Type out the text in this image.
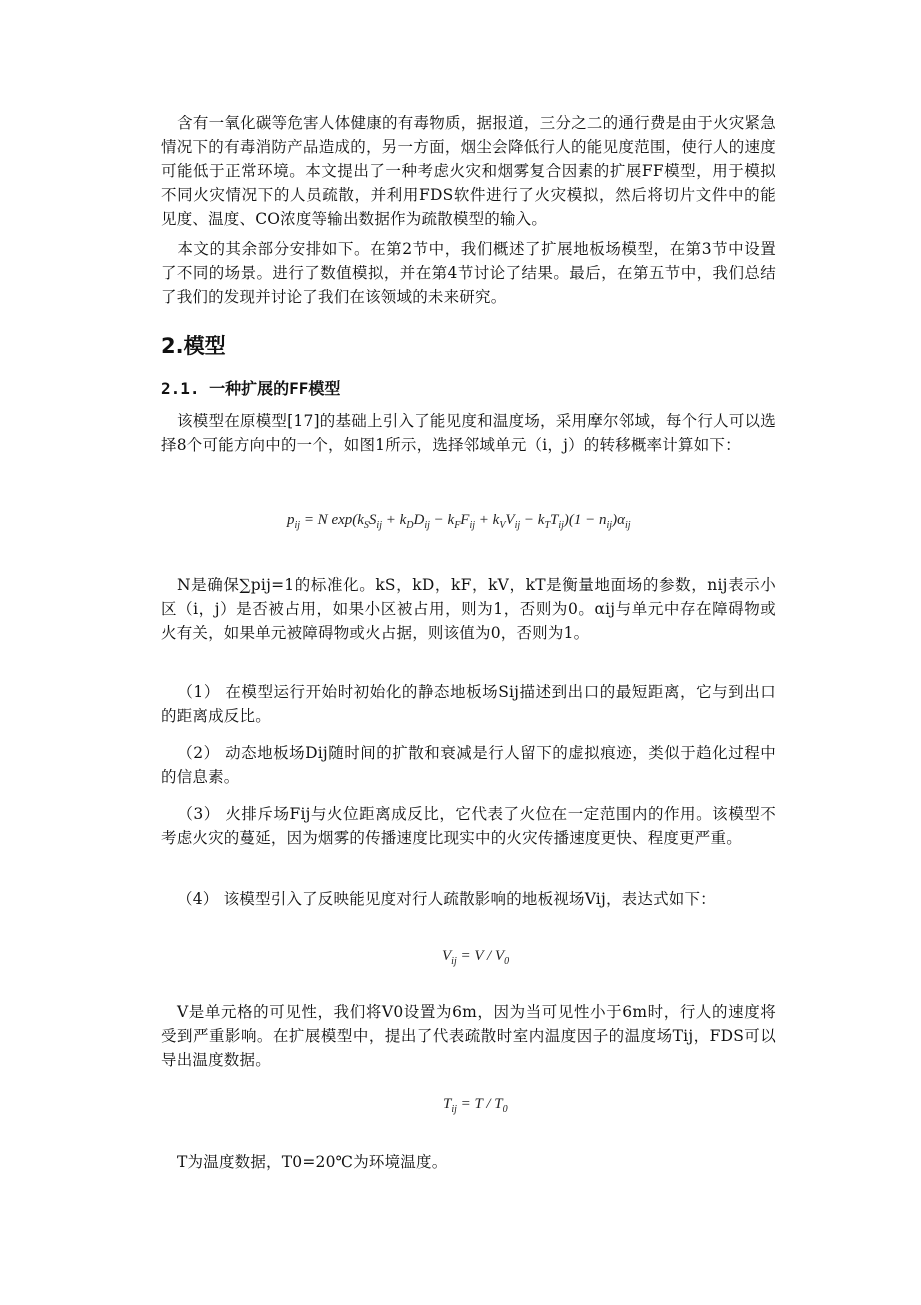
含有一氧化碳等危害人体健康的有毒物质，据报道，三分之二的通行费是由于火灾紧急情况下的有毒消防产品造成的，另一方面，烟尘会降低行人的能见度范围，使行人的速度可能低于正常环境。本文提出了一种考虑火灾和烟雾复合因素的扩展FF模型，用于模拟不同火灾情况下的人员疏散，并利用FDS软件进行了火灾模拟，然后将切片文件中的能见度、温度、CO浓度等输出数据作为疏散模型的输入。

本文的其余部分安排如下。在第2节中，我们概述了扩展地板场模型，在第3节中设置了不同的场景。进行了数值模拟，并在第4节讨论了结果。最后，在第五节中，我们总结了我们的发现并讨论了我们在该领域的未来研究。

2.模型
2.1. 一种扩展的FF模型

该模型在原模型[17]的基础上引入了能见度和温度场，采用摩尔邻域，每个行人可以选择8个可能方向中的一个，如图1所示，选择邻域单元（i，j）的转移概率计算如下：

$p_{ij} = N$ $\exp(k_SS_{ij} + k_DD_{ij} - k_FF_{ij} + k_VV_{ij} - k_TT_{ij})(1 - n_{ij})\alpha_{ij}$

N是确保∑pij=1的标准化。kS，kD，kF，kV，kT是衡量地面场的参数，nij表示小区（i，j）是否被占用，如果小区被占用，则为1，否则为0。αij与单元中存在障碍物或火有关，如果单元被障碍物或火占据，则该值为0，否则为1。

（1） 在模型运行开始时初始化的静态地板场Sij描述到出口的最短距离，它与到出口的距离成反比。

（2） 动态地板场Dij随时间的扩散和衰减是行人留下的虚拟痕迹，类似于趋化过程中的信息素。

（3） 火排斥场Fij与火位距离成反比，它代表了火位在一定范围内的作用。该模型不考虑火灾的蔓延，因为烟雾的传播速度比现实中的火灾传播速度更快、程度更严重。

（4） 该模型引入了反映能见度对行人疏散影响的地板视场Vij，表达式如下：

$V_{ij} = V / V_0$

V是单元格的可见性，我们将V0设置为6m，因为当可见性小于6m时，行人的速度将受到严重影响。在扩展模型中，提出了代表疏散时室内温度因子的温度场Tij，FDS可以导出温度数据。

$T_{ij} = T / T_0$

T为温度数据，T0=20℃为环境温度。
